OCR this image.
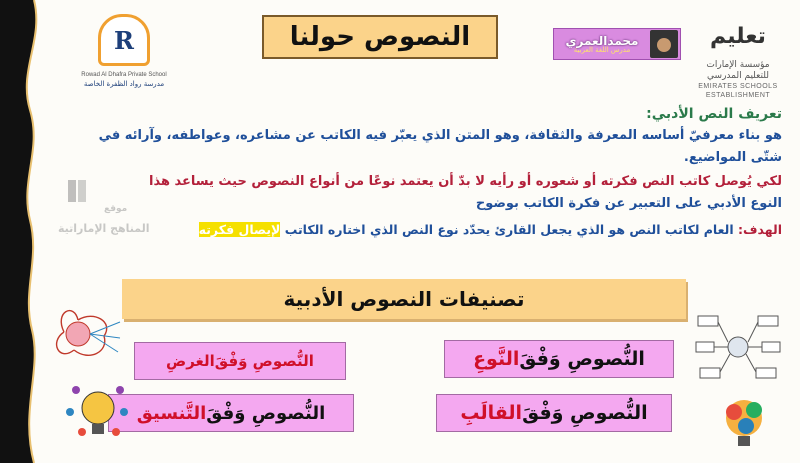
R
Rowad Al Dhafra Private School
مدرسة رواد الظفرة الخاصة
النصوص حولنا	محمدالعمري
مدرس اللغة العربية
تعليم
مؤسسة الإمارات
للتعليم المدرسي
EMIRATES SCHOOLS
ESTABLISHMENT
تعريف النص الأدبي:

هو بناء معرفيّ أساسه المعرفة والثقافة، وهو المتن الذي يعبّر فيه الكاتب عن مشاعره، وعواطفه، وآرائه في

شتّى المواضيع.

لكي يُوصل كاتب النص فكرته أو شعوره أو رأيه لا بدّ أن يعتمد نوعًا من أنواع النصوص حيث يساعد هذا

النوع الأدبي على التعبير عن فكرة الكاتب بوضوح

الهدف: العام لكاتب النص هو الذي يجعل القارئ يحدّد نوع النص الذي اختاره الكاتب لإيصال فكرته

موقع
المناهج الإماراتية
تصنيفات النصوص الأدبية
النُّصوصِ وَفْقَ
النَّوعِ
النُّصوصِ وَفْقَ
الغرضِ
النُّصوصِ وَفْقَ
القالَبِ
النُّصوصِ وَفْقَ
التَّنسيق
